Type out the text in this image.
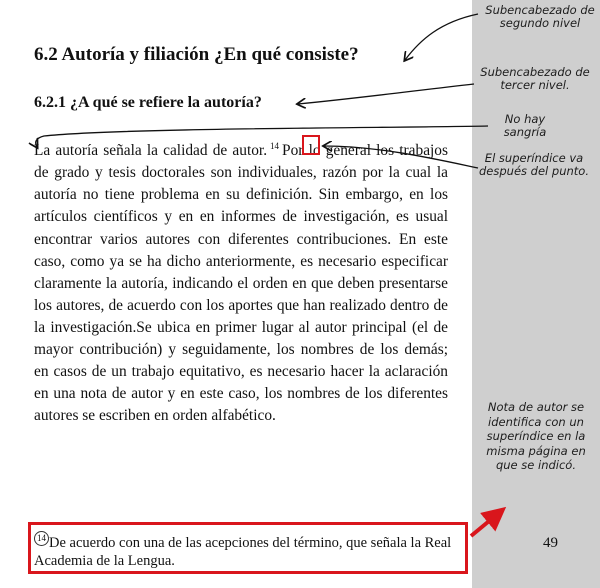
6.2 Autoría y filiación ¿En qué consiste?
6.2.1 ¿A qué se refiere la autoría?

La autoría señala la calidad de autor. 14 Por lo general los trabajos de grado y tesis doctorales son individuales, razón por la cual la autoría no tiene problema en su definición. Sin embargo, en los artículos científicos y en en informes de investigación, es usual encontrar varios autores con diferentes contribuciones. En este caso, como ya se ha dicho anteriormente, es necesario especificar claramente la autoría, indicando el orden en que deben presentarse los autores, de acuerdo con los aportes que han realizado dentro de la investigación.Se ubica en primer lugar al autor principal (el de mayor contribución) y seguidamente, los nombres de los demás; en casos de un trabajo equitativo, es necesario hacer la aclaración en una nota de autor y en este caso, los nombres de los diferentes autores se escriben en orden alfabético.

49

14 De acuerdo con una de las acepciones del término, que señala la Real Academia de la Lengua.

Subencabezado de segundo nivel
Subencabezado de tercer nivel.
No hay sangría
El superíndice va después del punto.
Nota de autor se identifica con un superíndice en la misma página en que se indicó.
